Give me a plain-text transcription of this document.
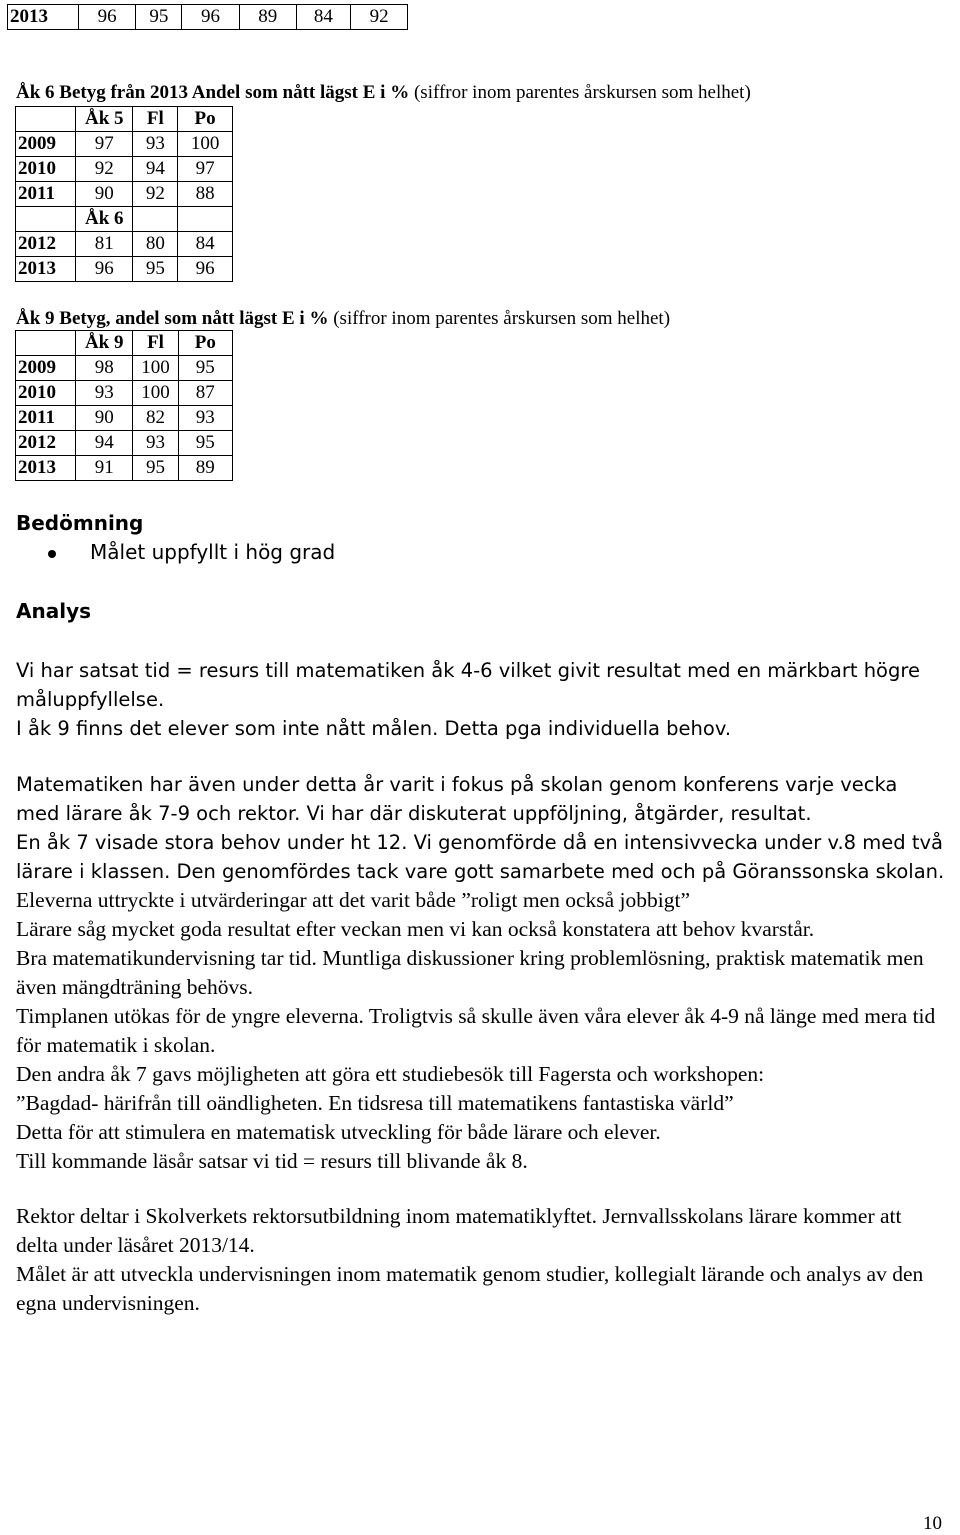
2013	96	95	96	89	84	92
Åk 6 Betyg från 2013 Andel som nått lägst E i % (siffror inom parentes årskursen som helhet)
	Åk 5	Fl	Po
2009	97	93	100
2010	92	94	97
2011	90	92	88
	Åk 6		
2012	81	80	84
2013	96	95	96
Åk 9 Betyg, andel som nått lägst E i % (siffror inom parentes årskursen som helhet)
	Åk 9	Fl	Po
2009	98	100	95
2010	93	100	87
2011	90	82	93
2012	94	93	95
2013	91	95	89
Bedömning
Målet uppfyllt i hög grad
Analys

Vi har satsat tid = resurs till matematiken åk 4-6 vilket givit resultat med en märkbart högre måluppfyllelse.

I åk 9 finns det elever som inte nått målen. Detta pga individuella behov.

Matematiken har även under detta år varit i fokus på skolan genom konferens varje vecka med lärare åk 7-9 och rektor. Vi har där diskuterat uppföljning, åtgärder, resultat.

En åk 7 visade stora behov under ht 12. Vi genomförde då en intensivvecka under v.8 med två lärare i klassen. Den genomfördes tack vare gott samarbete med och på Göranssonska skolan.

Eleverna uttryckte i utvärderingar att det varit både ”roligt men också jobbigt”

Lärare såg mycket goda resultat efter veckan men vi kan också konstatera att behov kvarstår.

Bra matematikundervisning tar tid. Muntliga diskussioner kring problemlösning, praktisk matematik men även mängdträning behövs.

Timplanen utökas för de yngre eleverna. Troligtvis så skulle även våra elever åk 4-9 nå länge med mera tid för matematik i skolan.

Den andra åk 7 gavs möjligheten att göra ett studiebesök till Fagersta och workshopen:

”Bagdad- härifrån till oändligheten. En tidsresa till matematikens fantastiska värld”

Detta för att stimulera en matematisk utveckling för både lärare och elever.

Till kommande läsår satsar vi tid = resurs till blivande åk 8.

Rektor deltar i Skolverkets rektorsutbildning inom matematiklyftet. Jernvallsskolans lärare kommer att delta under läsåret 2013/14.

Målet är att utveckla undervisningen inom matematik genom studier, kollegialt lärande och analys av den egna undervisningen.

10
